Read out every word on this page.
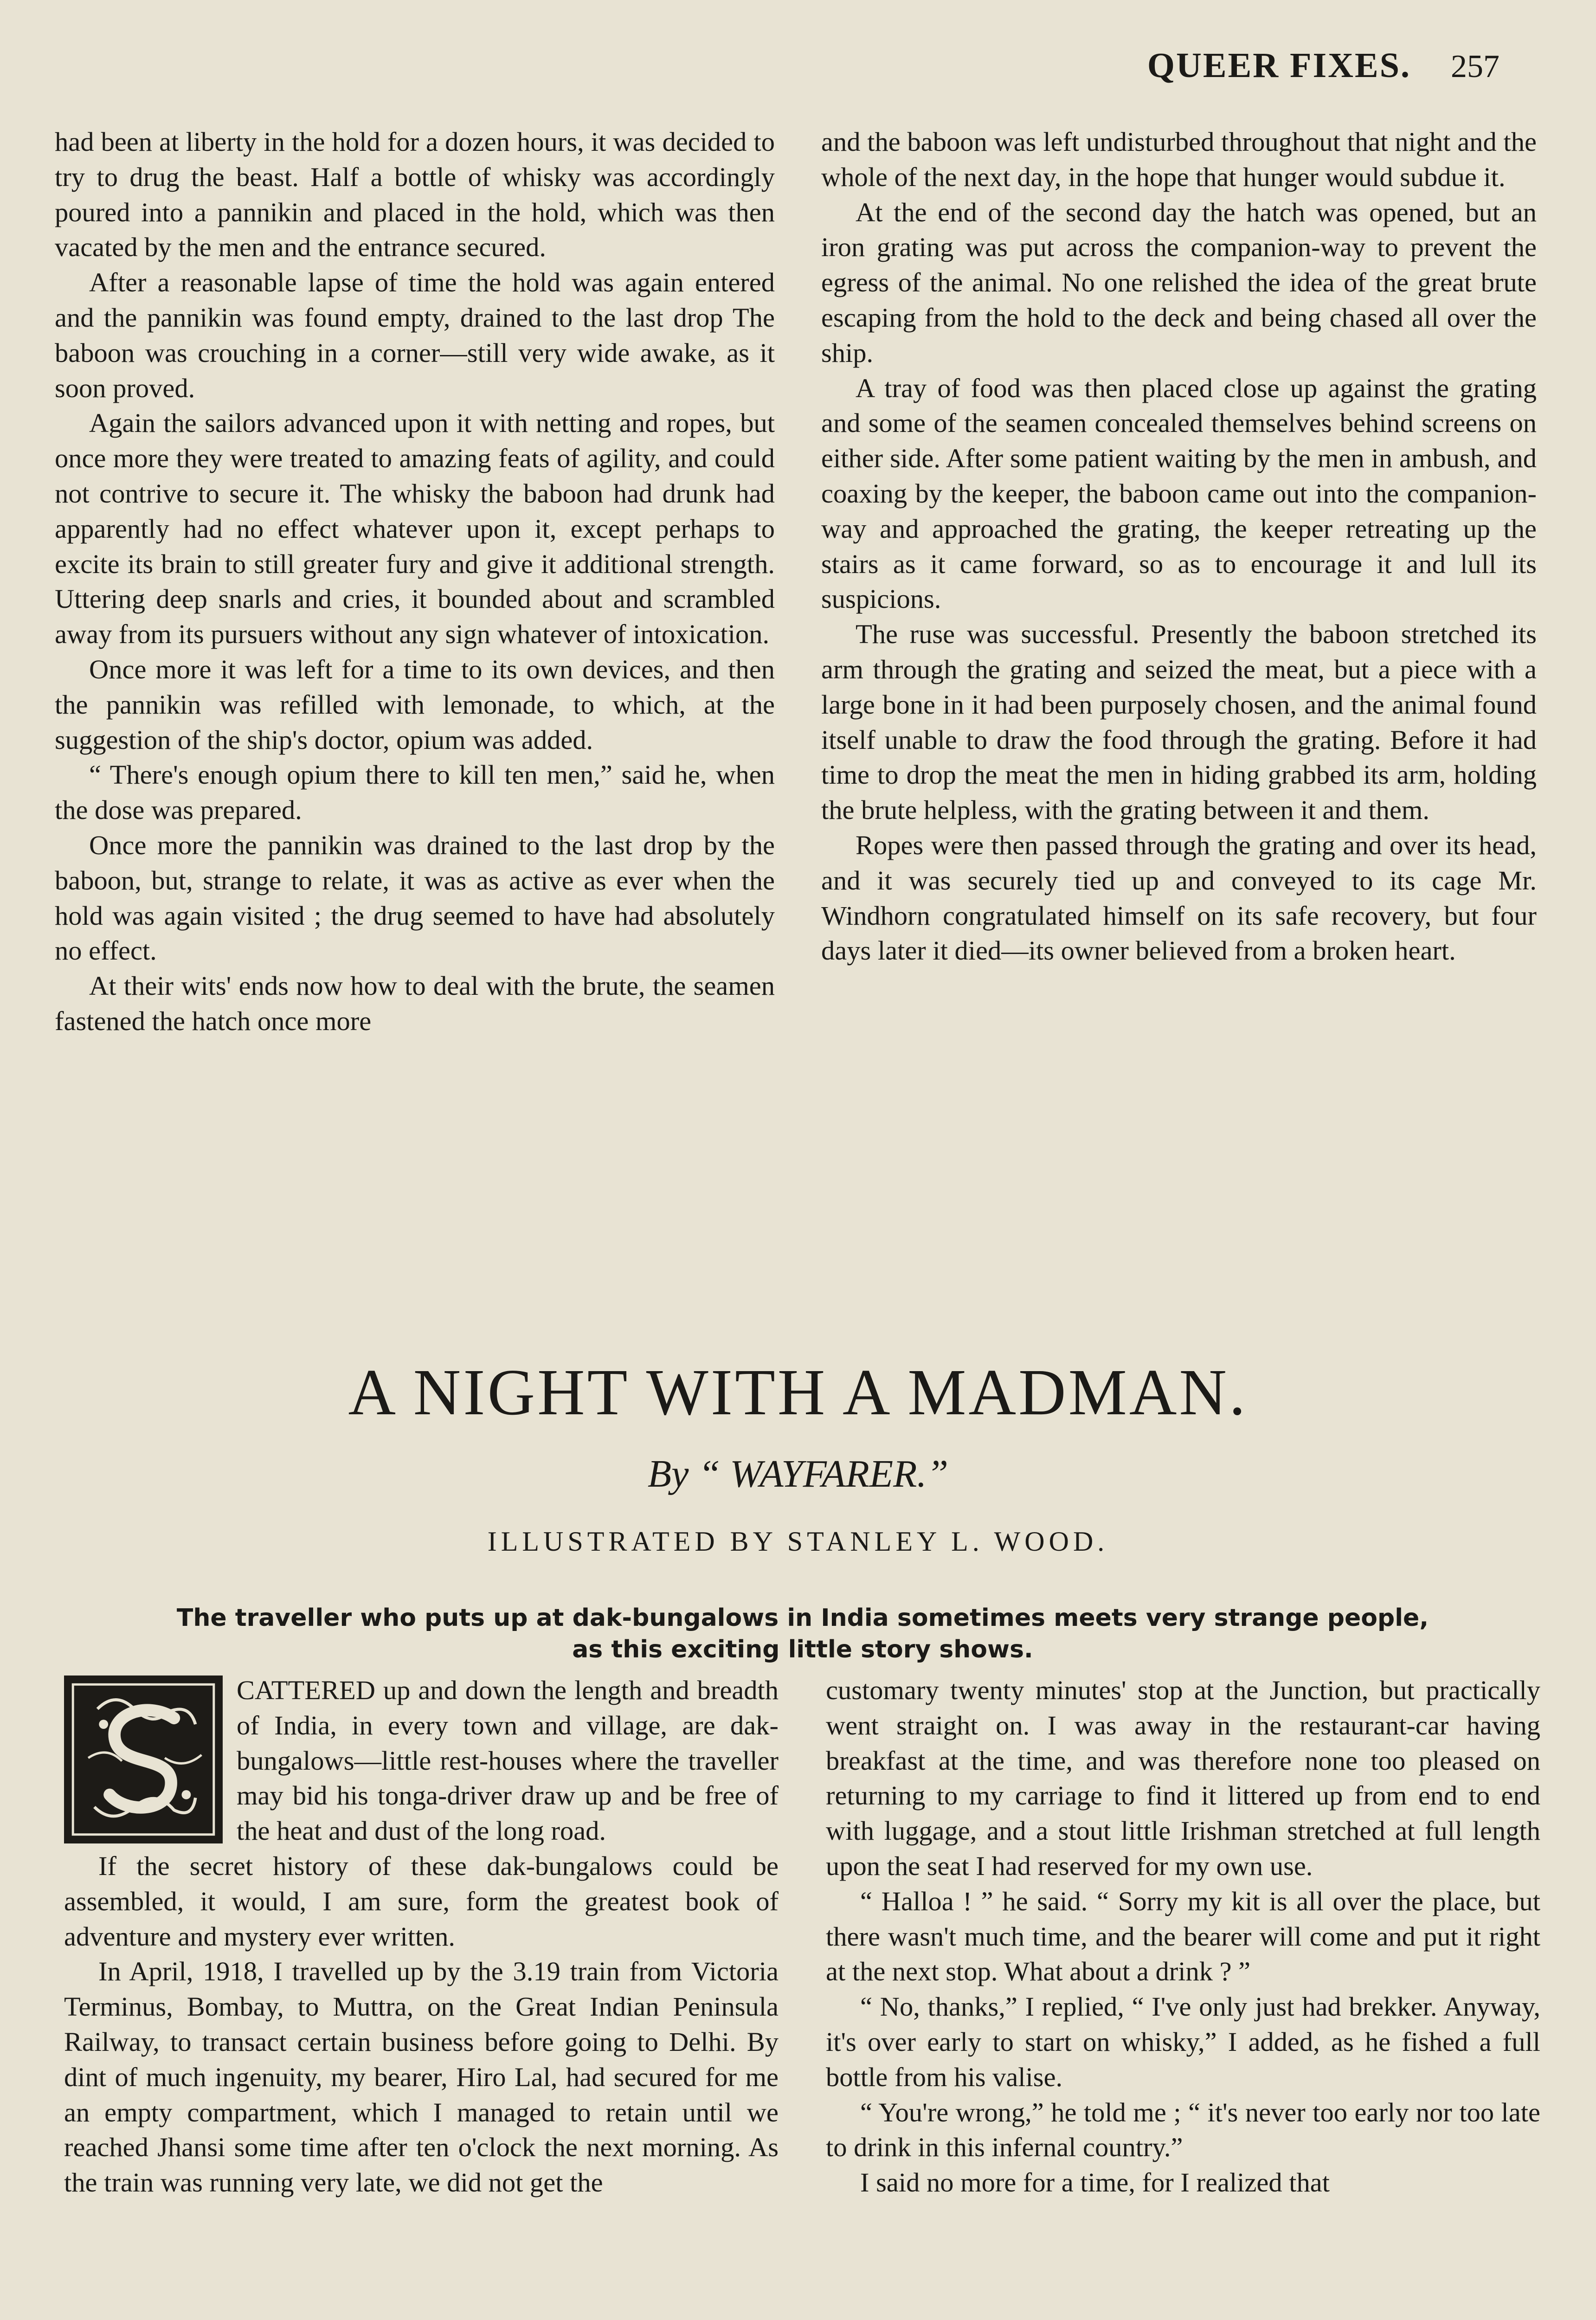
QUEER FIXES. 257

had been at liberty in the hold for a dozen hours, it was decided to try to drug the beast. Half a bottle of whisky was accordingly poured into a pannikin and placed in the hold, which was then vacated by the men and the entrance secured.

After a reasonable lapse of time the hold was again entered and the pannikin was found empty, drained to the last drop The baboon was crouching in a corner—still very wide awake, as it soon proved.

Again the sailors advanced upon it with netting and ropes, but once more they were treated to amazing feats of agility, and could not contrive to secure it. The whisky the baboon had drunk had apparently had no effect whatever upon it, except perhaps to excite its brain to still greater fury and give it additional strength. Uttering deep snarls and cries, it bounded about and scrambled away from its pursuers without any sign whatever of intoxication.

Once more it was left for a time to its own devices, and then the pannikin was refilled with lemonade, to which, at the suggestion of the ship's doctor, opium was added.

“ There's enough opium there to kill ten men,” said he, when the dose was prepared.

Once more the pannikin was drained to the last drop by the baboon, but, strange to relate, it was as active as ever when the hold was again visited ; the drug seemed to have had absolutely no effect.

At their wits' ends now how to deal with the brute, the seamen fastened the hatch once more

and the baboon was left undisturbed throughout that night and the whole of the next day, in the hope that hunger would subdue it.

At the end of the second day the hatch was opened, but an iron grating was put across the companion-way to prevent the egress of the animal. No one relished the idea of the great brute escaping from the hold to the deck and being chased all over the ship.

A tray of food was then placed close up against the grating and some of the seamen concealed themselves behind screens on either side. After some patient waiting by the men in ambush, and coaxing by the keeper, the baboon came out into the companion-way and approached the grating, the keeper retreating up the stairs as it came forward, so as to encourage it and lull its suspicions.

The ruse was successful. Presently the baboon stretched its arm through the grating and seized the meat, but a piece with a large bone in it had been purposely chosen, and the animal found itself unable to draw the food through the grating. Before it had time to drop the meat the men in hiding grabbed its arm, holding the brute helpless, with the grating between it and them.

Ropes were then passed through the grating and over its head, and it was securely tied up and conveyed to its cage Mr. Windhorn congratulated himself on its safe recovery, but four days later it died—its owner believed from a broken heart.

A NIGHT WITH A MADMAN.
By “ WAYFARER.”
ILLUSTRATED BY STANLEY L. WOOD.
The traveller who puts up at dak-bungalows in India sometimes meets very strange people,
as this exciting little story shows.

CATTERED up and down the length and breadth of India, in every town and village, are dak-bungalows—little rest-houses where the traveller may bid his tonga-driver draw up and be free of the heat and dust of the long road.

If the secret history of these dak-bungalows could be assembled, it would, I am sure, form the greatest book of adventure and mystery ever written.

In April, 1918, I travelled up by the 3.19 train from Victoria Terminus, Bombay, to Muttra, on the Great Indian Peninsula Railway, to transact certain business before going to Delhi. By dint of much ingenuity, my bearer, Hiro Lal, had secured for me an empty compartment, which I managed to retain until we reached Jhansi some time after ten o'clock the next morning. As the train was running very late, we did not get the

customary twenty minutes' stop at the Junction, but practically went straight on. I was away in the restaurant-car having breakfast at the time, and was therefore none too pleased on returning to my carriage to find it littered up from end to end with luggage, and a stout little Irishman stretched at full length upon the seat I had reserved for my own use.

“ Halloa ! ” he said. “ Sorry my kit is all over the place, but there wasn't much time, and the bearer will come and put it right at the next stop. What about a drink ? ”

“ No, thanks,” I replied, “ I've only just had brekker. Anyway, it's over early to start on whisky,” I added, as he fished a full bottle from his valise.

“ You're wrong,” he told me ; “ it's never too early nor too late to drink in this infernal country.”

I said no more for a time, for I realized that
